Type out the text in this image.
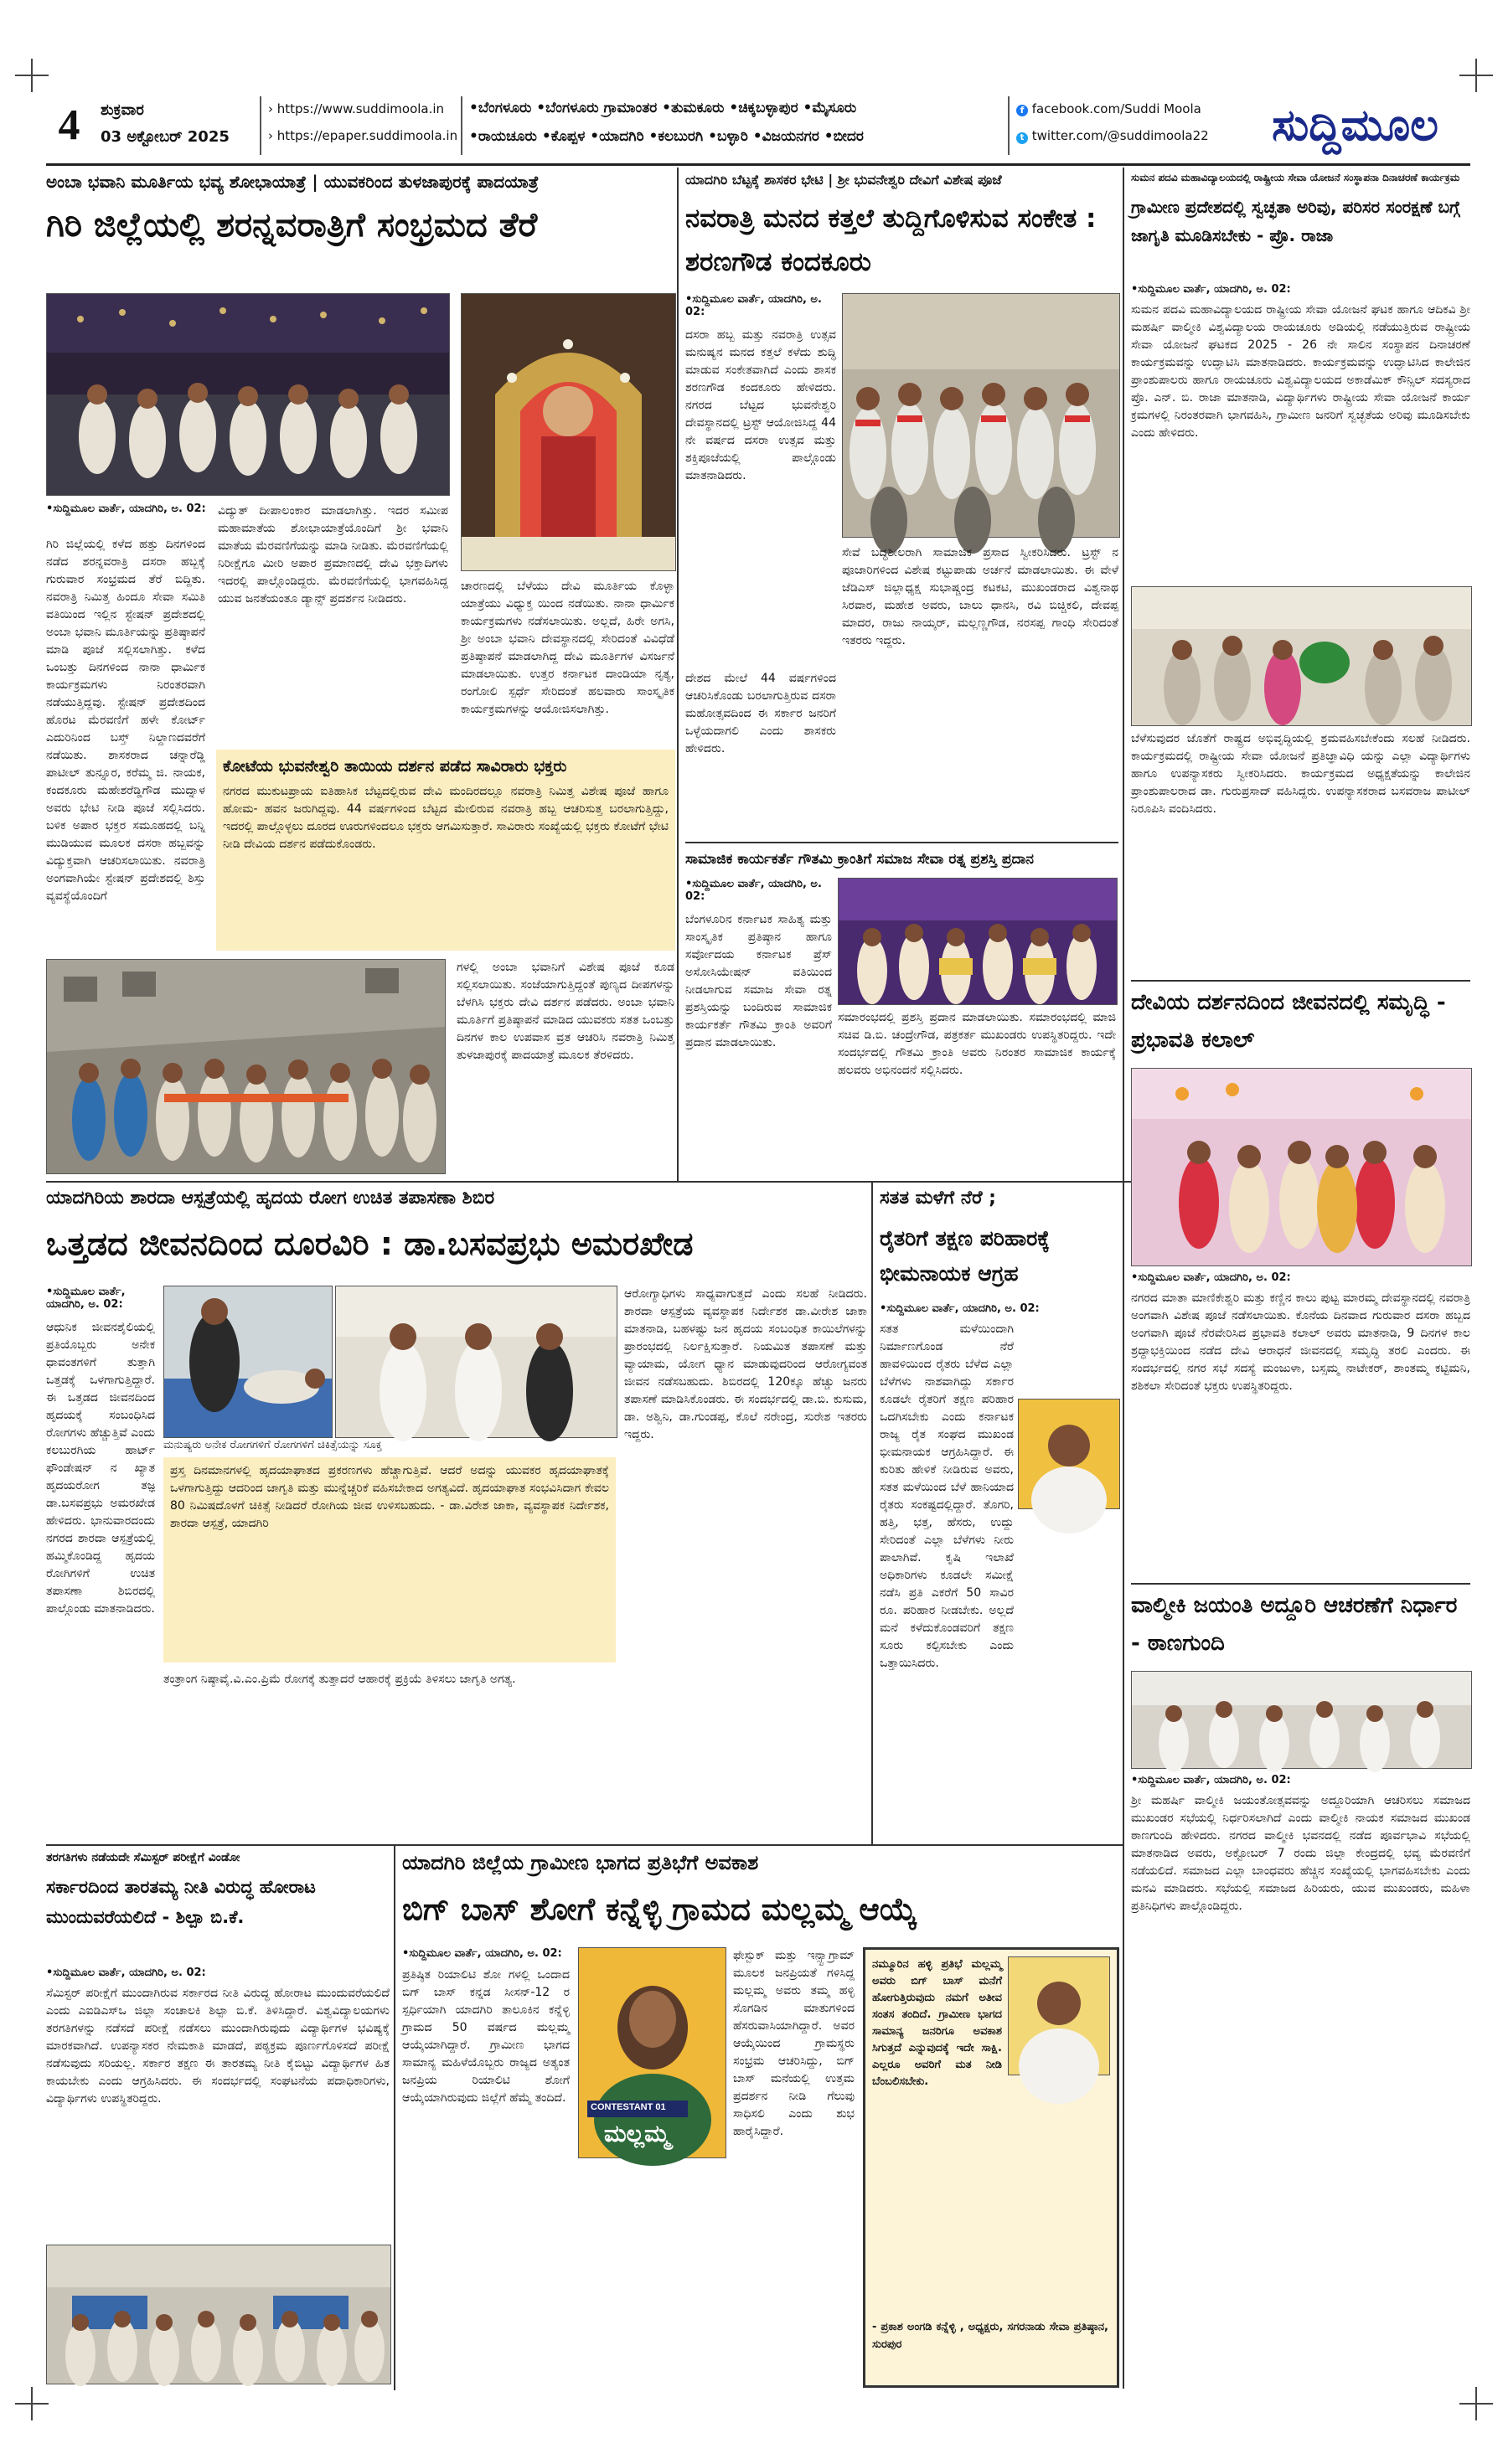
4	ಶುಕ್ರವಾರ
03 ಅಕ್ಟೋಬರ್ 2025
› https://www.suddimoola.in
› https://epaper.suddimoola.in
•ಬೆಂಗಳೂರು •ಬೆಂಗಳೂರು ಗ್ರಾಮಾಂತರ •ತುಮಕೂರು •ಚಿಕ್ಕಬಳ್ಳಾಪುರ •ಮೈಸೂರು
•ರಾಯಚೂರು •ಕೊಪ್ಪಳ •ಯಾದಗಿರಿ •ಕಲಬುರಗಿ •ಬಳ್ಳಾರಿ •ವಿಜಯನಗರ •ಬೀದರ
f facebook.com/Suddi Moola
t twitter.com/@suddimoola22	ಸುದ್ದಿಮೂಲ
ಅಂಬಾ ಭವಾನಿ ಮೂರ್ತಿಯ ಭವ್ಯ ಶೋಭಾಯಾತ್ರೆ | ಯುವಕರಿಂದ ತುಳಜಾಪುರಕ್ಕೆ ಪಾದಯಾತ್ರೆ
ಗಿರಿ ಜಿಲ್ಲೆಯಲ್ಲಿ ಶರನ್ನವರಾತ್ರಿಗೆ ಸಂಭ್ರಮದ ತೆರೆ
•ಸುದ್ದಿಮೂಲ ವಾರ್ತೆ, ಯಾದಗಿರಿ, ಅ. 02:
ಗಿರಿ ಜಿಲ್ಲೆಯಲ್ಲಿ ಕಳೆದ ಹತ್ತು ದಿನಗಳಿಂದ ನಡೆದ ಶರನ್ನವರಾತ್ರಿ ದಸರಾ ಹಬ್ಬಕ್ಕೆ ಗುರುವಾರ ಸಂಭ್ರಮದ ತೆರೆ ಬಿದ್ದಿತು. ನವರಾತ್ರಿ ನಿಮಿತ್ತ ಹಿಂದೂ ಸೇವಾ ಸಮಿತಿ ವತಿಯಿಂದ ಇಲ್ಲಿನ ಸ್ಟೇಷನ್ ಪ್ರದೇಶದಲ್ಲಿ ಅಂಬಾ ಭವಾನಿ ಮೂರ್ತಿಯನ್ನು ಪ್ರತಿಷ್ಠಾಪನೆ ಮಾಡಿ ಪೂಜೆ ಸಲ್ಲಿಸಲಾಗಿತ್ತು. ಕಳೆದ ಒಂಬತ್ತು ದಿನಗಳಿಂದ ನಾನಾ ಧಾರ್ಮಿಕ ಕಾರ್ಯಕ್ರಮಗಳು ನಿರಂತರವಾಗಿ ನಡೆಯುತ್ತಿದ್ದವು. ಸ್ಟೇಷನ್ ಪ್ರದೇಶದಿಂದ ಹೊರಟ ಮೆರವಣಿಗೆ ಹಳೇ ಕೋರ್ಟ್ ಎದುರಿನಿಂದ ಬಸ್ತ್ ನಿಲ್ದಾಣದವರೆಗೆ ನಡೆಯಿತು. ಶಾಸಕರಾದ ಚನ್ನಾರೆಡ್ಡಿ ಪಾಟೀಲ್ ತುನ್ನೂರ, ಕರೆಮ್ಮ ಜಿ. ನಾಯಕ, ಕಂದಕೂರು ಮಹೇಶರೆಡ್ಡಿಗೌಡ ಮುದ್ನಾಳ ಅವರು ಭೇಟಿ ನೀಡಿ ಪೂಜೆ ಸಲ್ಲಿಸಿದರು. ಬಳಿಕ ಅಪಾರ ಭಕ್ತರ ಸಮೂಹದಲ್ಲಿ ಬನ್ನಿ ಮುಡಿಯುವ ಮೂಲಕ ದಸರಾ ಹಬ್ಬವನ್ನು ವಿದ್ಯುಕ್ತವಾಗಿ ಆಚರಿಸಲಾಯಿತು. ನವರಾತ್ರಿ ಅಂಗವಾಗಿಯೇ ಸ್ಟೇಷನ್ ಪ್ರದೇಶದಲ್ಲಿ ಶಿಸ್ತು ವ್ಯವಸ್ಥೆಯೊಂದಿಗೆ
ವಿದ್ಯುತ್ ದೀಪಾಲಂಕಾರ ಮಾಡಲಾಗಿತ್ತು. ಇದರ ಸಮೀಪ ಮಹಾಮಾತೆಯ ಶೋಭಾಯಾತ್ರೆಯೊಂದಿಗೆ ಶ್ರೀ ಭವಾನಿ ಮಾತೆಯ ಮೆರವಣಿಗೆಯನ್ನು ಮಾಡಿ ನೀಡಿತು. ಮೆರವಣಿಗೆಯಲ್ಲಿ ನಿರೀಕ್ಷೆಗೂ ಮೀರಿ ಅಪಾರ ಪ್ರಮಾಣದಲ್ಲಿ ದೇವಿ ಭಕ್ತಾದಿಗಳು ಇದರಲ್ಲಿ ಪಾಲ್ಗೊಂಡಿದ್ದರು. ಮೆರವಣಿಗೆಯಲ್ಲಿ ಭಾಗವಹಿಸಿದ್ದ ಯುವ ಜನತೆಯಂತೂ ಡ್ಯಾನ್ಸ್ ಪ್ರದರ್ಶನ ನೀಡಿದರು.
ಚಾರಣದಲ್ಲಿ ಬೆಳೆಯು ದೇವಿ ಮೂರ್ತಿಯ ಕೊಳ್ಳಾ ಯಾತ್ರೆಯು ವಿಧ್ಯುಕ್ತ ಯಿಂದ ನಡೆಯಿತು. ನಾನಾ ಧಾರ್ಮಿಕ ಕಾರ್ಯಕ್ರಮಗಳು ನಡೆಸಲಾಯಿತು. ಅಲ್ಲದೆ, ಹಿರೇ ಅಗಸಿ, ಶ್ರೀ ಅಂಬಾ ಭವಾನಿ ದೇವಸ್ಥಾನದಲ್ಲಿ ಸೇರಿದಂತೆ ವಿವಿಧೆಡೆ ಪ್ರತಿಷ್ಠಾಪನೆ ಮಾಡಲಾಗಿದ್ದ ದೇವಿ ಮೂರ್ತಿಗಳ ವಿಸರ್ಜನೆ ಮಾಡಲಾಯಿತು. ಉತ್ತರ ಕರ್ನಾಟಕ ದಾಂಡಿಯಾ ನೃತ್ಯ, ರಂಗೋಲಿ ಸ್ಪರ್ಧೆ ಸೇರಿದಂತೆ ಹಲವಾರು ಸಾಂಸ್ಕೃತಿಕ ಕಾರ್ಯಕ್ರಮಗಳನ್ನು ಆಯೋಜಿಸಲಾಗಿತ್ತು.
ಕೋಟೆಯ ಭುವನೇಶ್ವರಿ ತಾಯಿಯ ದರ್ಶನ ಪಡೆದ ಸಾವಿರಾರು ಭಕ್ತರು
ನಗರದ ಮುಕುಟಪ್ರಾಯ ಐತಿಹಾಸಿಕ ಬೆಟ್ಟದಲ್ಲಿರುವ ದೇವಿ ಮಂದಿರದಲ್ಲೂ ನವರಾತ್ರಿ ನಿಮಿತ್ತ ವಿಶೇಷ ಪೂಜೆ ಹಾಗೂ ಹೋಮ- ಹವನ ಜರುಗಿದ್ದವು. 44 ವರ್ಷಗಳಿಂದ ಬೆಟ್ಟದ ಮೇಲಿರುವ ನವರಾತ್ರಿ ಹಬ್ಬ ಆಚರಿಸುತ್ತ ಬರಲಾಗುತ್ತಿದ್ದು, ಇದರಲ್ಲಿ ಪಾಲ್ಗೊಳ್ಳಲು ದೂರದ ಊರುಗಳಿಂದಲೂ ಭಕ್ತರು ಆಗಮಿಸುತ್ತಾರೆ. ಸಾವಿರಾರು ಸಂಖ್ಯೆಯಲ್ಲಿ ಭಕ್ತರು ಕೋಟೆಗೆ ಭೇಟಿ ನೀಡಿ ದೇವಿಯ ದರ್ಶನ ಪಡೆದುಕೊಂಡರು.
ಗಳಲ್ಲಿ ಅಂಬಾ ಭವಾನಿಗೆ ವಿಶೇಷ ಪೂಜೆ ಕೂಡ ಸಲ್ಲಿಸಲಾಯಿತು. ಸಂಜೆಯಾಗುತ್ತಿದ್ದಂತೆ ಪುಣ್ಯದ ದೀಪಗಳನ್ನು ಬೆಳಗಿಸಿ ಭಕ್ತರು ದೇವಿ ದರ್ಶನ ಪಡೆದರು. ಅಂಬಾ ಭವಾನಿ ಮೂರ್ತಿಗೆ ಪ್ರತಿಷ್ಠಾಪನೆ ಮಾಡಿದ ಯುವಕರು ಸತತ ಒಂಬತ್ತು ದಿನಗಳ ಕಾಲ ಉಪವಾಸ ವ್ರತ ಆಚರಿಸಿ ನವರಾತ್ರಿ ನಿಮಿತ್ತ ತುಳಜಾಪುರಕ್ಕೆ ಪಾದಯಾತ್ರೆ ಮೂಲಕ ತೆರಳಿದರು.
ಯಾದಗಿರಿ ಬೆಟ್ಟಕ್ಕೆ ಶಾಸಕರ ಭೇಟಿ | ಶ್ರೀ ಭುವನೇಶ್ವರಿ ದೇವಿಗೆ ವಿಶೇಷ ಪೂಜೆ
ನವರಾತ್ರಿ ಮನದ ಕತ್ತಲೆ ತುದ್ದಿಗೊಳಿಸುವ ಸಂಕೇತ : ಶರಣಗೌಡ ಕಂದಕೂರು
•ಸುದ್ದಿಮೂಲ ವಾರ್ತೆ, ಯಾದಗಿರಿ, ಅ. 02:
ದಸರಾ ಹಬ್ಬ ಮತ್ತು ನವರಾತ್ರಿ ಉತ್ಸವ ಮನುಷ್ಯನ ಮನದ ಕತ್ತಲೆ ಕಳೆದು ಶುದ್ಧಿ ಮಾಡುವ ಸಂಕೇತವಾಗಿದೆ ಎಂದು ಶಾಸಕ ಶರಣಗೌಡ ಕಂದಕೂರು ಹೇಳಿದರು. ನಗರದ ಬೆಟ್ಟದ ಭುವನೇಶ್ವರಿ ದೇವಸ್ಥಾನದಲ್ಲಿ ಟ್ರಸ್ಟ್ ಆಯೋಜಿಸಿದ್ದ 44 ನೇ ವರ್ಷದ ದಸರಾ ಉತ್ಸವ ಮತ್ತು ಶಕ್ತಿಪೂಜೆಯಲ್ಲಿ ಪಾಲ್ಗೊಂಡು ಮಾತನಾಡಿದರು.
ಸೇವೆ ಬದ್ಧಶೀಲರಾಗಿ ಸಾಮಾಜಿಕ ಪ್ರಸಾದ ಸ್ವೀಕರಿಸಿದರು. ಟ್ರಸ್ಟ್ ನ ಪೂಜಾರಿಗಳಿಂದ ವಿಶೇಷ ಕಟ್ಟುಪಾಡು ಅರ್ಚನೆ ಮಾಡಲಾಯಿತು. ಈ ವೇಳೆ ಜೆಡಿಎಸ್ ಜಿಲ್ಲಾಧ್ಯಕ್ಷ ಸುಭಾಷ್ಚಂದ್ರ ಕಟಕಟಿ, ಮುಖಂಡರಾದ ವಿಶ್ವನಾಥ ಸಿರವಾರ, ಮಹೇಶ ಅವರು, ಬಾಲು ಧಾನಸಿ, ರವಿ ಬಿಚ್ಚಿಕಲಿ, ದೇವಪ್ಪ ಮಾದರ, ರಾಜು ನಾಯ್ಕರ್, ಮಲ್ಲಣ್ಣಗೌಡ, ನರಸಪ್ಪ ಗಾಂಧಿ ಸೇರಿದಂತೆ ಇತರರು ಇದ್ದರು.
ದೇಶದ ಮೇಲೆ 44 ವರ್ಷಗಳಿಂದ ಆಚರಿಸಿಕೊಂಡು ಬರಲಾಗುತ್ತಿರುವ ದಸರಾ ಮಹೋತ್ಸವದಿಂದ ಈ ಸರ್ಕಾರ ಜನರಿಗೆ ಒಳ್ಳೆಯದಾಗಲಿ ಎಂದು ಶಾಸಕರು ಹೇಳಿದರು.
ಸಾಮಾಜಿಕ ಕಾರ್ಯಕರ್ತೆ ಗೌತಮಿ ಕ್ರಾಂತಿಗೆ ಸಮಾಜ ಸೇವಾ ರತ್ನ ಪ್ರಶಸ್ತಿ ಪ್ರದಾನ
•ಸುದ್ದಿಮೂಲ ವಾರ್ತೆ, ಯಾದಗಿರಿ, ಅ. 02:
ಬೆಂಗಳೂರಿನ ಕರ್ನಾಟಕ ಸಾಹಿತ್ಯ ಮತ್ತು ಸಾಂಸ್ಕೃತಿಕ ಪ್ರತಿಷ್ಠಾನ ಹಾಗೂ ಸರ್ವೋದಯ ಕರ್ನಾಟಕ ಪ್ರೆಸ್ ಅಸೋಸಿಯೇಷನ್ ವತಿಯಿಂದ ನೀಡಲಾಗುವ ಸಮಾಜ ಸೇವಾ ರತ್ನ ಪ್ರಶಸ್ತಿಯನ್ನು ಬಂದಿರುವ ಸಾಮಾಜಿಕ ಕಾರ್ಯಕರ್ತೆ ಗೌತಮಿ ಕ್ರಾಂತಿ ಅವರಿಗೆ ಪ್ರದಾನ ಮಾಡಲಾಯಿತು.
ಸಮಾರಂಭದಲ್ಲಿ ಪ್ರಶಸ್ತಿ ಪ್ರದಾನ ಮಾಡಲಾಯಿತು. ಸಮಾರಂಭದಲ್ಲಿ ಮಾಜಿ ಸಚಿವ ಡಿ.ಬಿ. ಚಂದ್ರೇಗೌಡ, ಪತ್ರಕರ್ತ ಮುಖಂಡರು ಉಪಸ್ಥಿತರಿದ್ದರು. ಇದೇ ಸಂದರ್ಭದಲ್ಲಿ ಗೌತಮಿ ಕ್ರಾಂತಿ ಅವರು ನಿರಂತರ ಸಾಮಾಜಿಕ ಕಾರ್ಯಕ್ಕೆ ಹಲವರು ಅಭಿನಂದನೆ ಸಲ್ಲಿಸಿದರು.
ಸುಮನ ಪದವಿ ಮಹಾವಿದ್ಯಾಲಯದಲ್ಲಿ ರಾಷ್ಟ್ರೀಯ ಸೇವಾ ಯೋಜನೆ ಸಂಸ್ಥಾಪನಾ ದಿನಾಚರಣೆ ಕಾರ್ಯಕ್ರಮ
ಗ್ರಾಮೀಣ ಪ್ರದೇಶದಲ್ಲಿ ಸ್ವಚ್ಛತಾ ಅರಿವು, ಪರಿಸರ ಸಂರಕ್ಷಣೆ ಬಗ್ಗೆ ಜಾಗೃತಿ ಮೂಡಿಸಬೇಕು - ಪ್ರೊ. ರಾಜಾ
•ಸುದ್ದಿಮೂಲ ವಾರ್ತೆ, ಯಾದಗಿರಿ, ಅ. 02:
ಸುಮನ ಪದವಿ ಮಹಾವಿದ್ಯಾಲಯದ ರಾಷ್ಟ್ರೀಯ ಸೇವಾ ಯೋಜನೆ ಘಟಕ ಹಾಗೂ ಆದಿಕವಿ ಶ್ರೀ ಮಹರ್ಷಿ ವಾಲ್ಮೀಕಿ ವಿಶ್ವವಿದ್ಯಾಲಯ ರಾಯಚೂರು ಅಡಿಯಲ್ಲಿ ನಡೆಯುತ್ತಿರುವ ರಾಷ್ಟ್ರೀಯ ಸೇವಾ ಯೋಜನೆ ಘಟಕದ 2025 - 26 ನೇ ಸಾಲಿನ ಸಂಸ್ಥಾಪನ ದಿನಾಚರಣೆ ಕಾರ್ಯಕ್ರಮವನ್ನು ಉದ್ಘಾಟಿಸಿ ಮಾತನಾಡಿದರು. ಕಾರ್ಯಕ್ರಮವನ್ನು ಉದ್ಘಾಟಿಸಿದ ಕಾಲೇಜಿನ ಪ್ರಾಂಶುಪಾಲರು ಹಾಗೂ ರಾಯಚೂರು ವಿಶ್ವವಿದ್ಯಾಲಯದ ಅಕಾಡೆಮಿಕ್ ಕೌನ್ಸಿಲ್ ಸದಸ್ಯರಾದ ಪ್ರೊ. ಎನ್. ಬಿ. ರಾಜಾ ಮಾತನಾಡಿ, ವಿದ್ಯಾರ್ಥಿಗಳು ರಾಷ್ಟ್ರೀಯ ಸೇವಾ ಯೋಜನೆ ಕಾರ್ಯ ಕ್ರಮಗಳಲ್ಲಿ ನಿರಂತರವಾಗಿ ಭಾಗವಹಿಸಿ, ಗ್ರಾಮೀಣ ಜನರಿಗೆ ಸ್ವಚ್ಛತೆಯ ಅರಿವು ಮೂಡಿಸಬೇಕು ಎಂದು ಹೇಳಿದರು.
ಬೆಳೆಸುವುದರ ಜೊತೆಗೆ ರಾಷ್ಟ್ರದ ಅಭಿವೃದ್ಧಿಯಲ್ಲಿ ಶ್ರಮವಹಿಸಬೇಕೆಂದು ಸಲಹೆ ನೀಡಿದರು. ಕಾರ್ಯಕ್ರಮದಲ್ಲಿ ರಾಷ್ಟ್ರೀಯ ಸೇವಾ ಯೋಜನೆ ಪ್ರತಿಜ್ಞಾವಿಧಿ ಯನ್ನು ಎಲ್ಲಾ ವಿದ್ಯಾರ್ಥಿಗಳು ಹಾಗೂ ಉಪನ್ಯಾಸಕರು ಸ್ವೀಕರಿಸಿದರು. ಕಾರ್ಯಕ್ರಮದ ಅಧ್ಯಕ್ಷತೆಯನ್ನು ಕಾಲೇಜಿನ ಪ್ರಾಂಶುಪಾಲರಾದ ಡಾ. ಗುರುಪ್ರಸಾದ್ ವಹಿಸಿದ್ದರು. ಉಪನ್ಯಾಸಕರಾದ ಬಸವರಾಜ ಪಾಟೀಲ್ ನಿರೂಪಿಸಿ ವಂದಿಸಿದರು.
ದೇವಿಯ ದರ್ಶನದಿಂದ ಜೀವನದಲ್ಲಿ ಸಮೃದ್ಧಿ - ಪ್ರಭಾವತಿ ಕಲಾಲ್
•ಸುದ್ದಿಮೂಲ ವಾರ್ತೆ, ಯಾದಗಿರಿ, ಅ. 02:
ನಗರದ ಮಾತಾ ಮಾಣಿಕೇಶ್ವರಿ ಮತ್ತು ಕಣ್ಣಿನ ಕಾಲು ಪುಟ್ಟ ಮಾರಮ್ಮ ದೇವಸ್ಥಾನದಲ್ಲಿ ನವರಾತ್ರಿ ಅಂಗವಾಗಿ ವಿಶೇಷ ಪೂಜೆ ನಡೆಸಲಾಯಿತು. ಕೊನೆಯ ದಿನವಾದ ಗುರುವಾರ ದಸರಾ ಹಬ್ಬದ ಅಂಗವಾಗಿ ಪೂಜೆ ನೆರವೇರಿಸಿದ ಪ್ರಭಾವತಿ ಕಲಾಲ್ ಅವರು ಮಾತನಾಡಿ, 9 ದಿನಗಳ ಕಾಲ ಶ್ರದ್ಧಾಭಕ್ತಿಯಿಂದ ನಡೆದ ದೇವಿ ಆರಾಧನೆ ಜೀವನದಲ್ಲಿ ಸಮೃದ್ಧಿ ತರಲಿ ಎಂದರು. ಈ ಸಂದರ್ಭದಲ್ಲಿ ನಗರ ಸಭೆ ಸದಸ್ಯೆ ಮಂಜುಳಾ, ಬಸ್ಸಮ್ಮ ನಾಟೇಕರ್, ಶಾಂತಮ್ಮ ಕಟ್ಟಿಮನಿ, ಶಶಿಕಲಾ ಸೇರಿದಂತೆ ಭಕ್ತರು ಉಪಸ್ಥಿತರಿದ್ದರು.
ವಾಲ್ಮೀಕಿ ಜಯಂತಿ ಅದ್ದೂರಿ ಆಚರಣೆಗೆ ನಿರ್ಧಾರ - ಠಾಣಗುಂದಿ
•ಸುದ್ದಿಮೂಲ ವಾರ್ತೆ, ಯಾದಗಿರಿ, ಅ. 02:
ಶ್ರೀ ಮಹರ್ಷಿ ವಾಲ್ಮೀಕಿ ಜಯಂತೋತ್ಸವವನ್ನು ಅದ್ದೂರಿಯಾಗಿ ಆಚರಿಸಲು ಸಮಾಜದ ಮುಖಂಡರ ಸಭೆಯಲ್ಲಿ ನಿರ್ಧರಿಸಲಾಗಿದೆ ಎಂದು ವಾಲ್ಮೀಕಿ ನಾಯಕ ಸಮಾಜದ ಮುಖಂಡ ಠಾಣಗುಂದಿ ಹೇಳಿದರು. ನಗರದ ವಾಲ್ಮೀಕಿ ಭವನದಲ್ಲಿ ನಡೆದ ಪೂರ್ವಭಾವಿ ಸಭೆಯಲ್ಲಿ ಮಾತನಾಡಿದ ಅವರು, ಅಕ್ಟೋಬರ್ 7 ರಂದು ಜಿಲ್ಲಾ ಕೇಂದ್ರದಲ್ಲಿ ಭವ್ಯ ಮೆರವಣಿಗೆ ನಡೆಯಲಿದೆ. ಸಮಾಜದ ಎಲ್ಲಾ ಬಾಂಧವರು ಹೆಚ್ಚಿನ ಸಂಖ್ಯೆಯಲ್ಲಿ ಭಾಗವಹಿಸಬೇಕು ಎಂದು ಮನವಿ ಮಾಡಿದರು. ಸಭೆಯಲ್ಲಿ ಸಮಾಜದ ಹಿರಿಯರು, ಯುವ ಮುಖಂಡರು, ಮಹಿಳಾ ಪ್ರತಿನಿಧಿಗಳು ಪಾಲ್ಗೊಂಡಿದ್ದರು.
ಯಾದಗಿರಿಯ ಶಾರದಾ ಆಸ್ಪತ್ರೆಯಲ್ಲಿ ಹೃದಯ ರೋಗ ಉಚಿತ ತಪಾಸಣಾ ಶಿಬಿರ
ಒತ್ತಡದ ಜೀವನದಿಂದ ದೂರವಿರಿ : ಡಾ.ಬಸವಪ್ರಭು ಅಮರಖೇಡ
•ಸುದ್ದಿಮೂಲ ವಾರ್ತೆ, ಯಾದಗಿರಿ, ಅ. 02:
ಆಧುನಿಕ ಜೀವನಶೈಲಿಯಲ್ಲಿ ಪ್ರತಿಯೊಬ್ಬರು ಅನೇಕ ಧಾವಂತಗಳಿಗೆ ತುತ್ತಾಗಿ ಒತ್ತಡಕ್ಕೆ ಒಳಗಾಗುತ್ತಿದ್ದಾರೆ. ಈ ಒತ್ತಡದ ಜೀವನದಿಂದ ಹೃದಯಕ್ಕೆ ಸಂಬಂಧಿಸಿದ ರೋಗಗಳು ಹೆಚ್ಚುತ್ತಿವೆ ಎಂದು ಕಲಬುರಗಿಯ ಹಾರ್ಟ್ ಫೌಂಡೇಷನ್ ನ ಖ್ಯಾತ ಹೃದಯರೋಗ ತಜ್ಞ ಡಾ.ಬಸವಪ್ರಭು ಅಮರಖೇಡ ಹೇಳಿದರು. ಭಾನುವಾರದಂದು ನಗರದ ಶಾರದಾ ಆಸ್ಪತ್ರೆಯಲ್ಲಿ ಹಮ್ಮಿಕೊಂಡಿದ್ದ ಹೃದಯ ರೋಗಿಗಳಿಗೆ ಉಚಿತ ತಪಾಸಣಾ ಶಿಬಿರದಲ್ಲಿ ಪಾಲ್ಗೊಂಡು ಮಾತನಾಡಿದರು.
ಮನುಷ್ಯರು ಅನೇಕ ರೋಗಗಳಿಗೆ ರೋಗಗಳಿಗೆ ಚಿಕಿತ್ಸೆಯನ್ನು ಸೂಕ್ತ
ಪ್ರಸ್ತ ದಿನಮಾನಗಳಲ್ಲಿ ಹೃದಯಾಘಾತದ ಪ್ರಕರಣಗಳು ಹೆಚ್ಚಾಗುತ್ತಿವೆ. ಆದರೆ ಅದನ್ನು ಯುವಕರ ಹೃದಯಾಘಾತಕ್ಕೆ ಒಳಗಾಗುತ್ತಿದ್ದು ಆದರಿಂದ ಜಾಗೃತಿ ಮತ್ತು ಮುನ್ನೆಚ್ಚರಿಕೆ ವಹಿಸಬೇಕಾದ ಅಗತ್ಯವಿದೆ. ಹೃದಯಾಘಾತ ಸಂಭವಿಸಿದಾಗ ಕೇವಲ 80 ನಿಮಿಷದೊಳಗೆ ಚಿಕಿತ್ಸೆ ನೀಡಿದರೆ ರೋಗಿಯ ಜೀವ ಉಳಿಸಬಹುದು. - ಡಾ.ವಿರೇಶ ಜಾಕಾ, ವ್ಯವಸ್ಥಾಪಕ ನಿರ್ದೇಶಕ, ಶಾರದಾ ಆಸ್ಪತ್ರೆ, ಯಾದಗಿರಿ
ತಂತ್ರಾಂಗ ನಿಷ್ಠಾವೈ.ವಿ.ಎಂ.ಪ್ರಿಮೆ ರೋಗಕ್ಕೆ ತುತ್ತಾದರೆ ಆಹಾರಕ್ಕೆ ಪ್ರಕ್ರಿಯೆ ತಿಳಿಸಲು ಜಾಗೃತಿ ಅಗತ್ಯ.
ಆರೋಗ್ಯಾಧಿಗಳು ಸಾಧ್ಯವಾಗುತ್ತದೆ ಎಂದು ಸಲಹೆ ನೀಡಿದರು. ಶಾರದಾ ಆಸ್ಪತ್ರೆಯ ವ್ಯವಸ್ಥಾಪಕ ನಿರ್ದೇಶಕ ಡಾ.ವೀರೇಶ ಜಾಕಾ ಮಾತನಾಡಿ, ಬಹಳಷ್ಟು ಜನ ಹೃದಯ ಸಂಬಂಧಿತ ಕಾಯಿಲೆಗಳನ್ನು ಪ್ರಾರಂಭದಲ್ಲಿ ನಿರ್ಲಕ್ಷಿಸುತ್ತಾರೆ. ನಿಯಮಿತ ತಪಾಸಣೆ ಮತ್ತು ವ್ಯಾಯಾಮ, ಯೋಗ ಧ್ಯಾನ ಮಾಡುವುದರಿಂದ ಆರೋಗ್ಯವಂತ ಜೀವನ ನಡೆಸಬಹುದು. ಶಿಬಿರದಲ್ಲಿ 120ಕ್ಕೂ ಹೆಚ್ಚು ಜನರು ತಪಾಸಣೆ ಮಾಡಿಸಿಕೊಂಡರು. ಈ ಸಂದರ್ಭದಲ್ಲಿ ಡಾ.ಬಿ. ಕುಸುಮ, ಡಾ. ಅಶ್ವಿನಿ, ಡಾ.ಗುಂಡಪ್ಪ, ಕೊಲೆ ನರೇಂದ್ರ, ಸುರೇಶ ಇತರರು ಇದ್ದರು.
ಸತತ ಮಳೆಗೆ ನೆರೆ ;
ರೈತರಿಗೆ ತಕ್ಷಣ ಪರಿಹಾರಕ್ಕೆ ಭೀಮನಾಯಕ ಆಗ್ರಹ
•ಸುದ್ದಿಮೂಲ ವಾರ್ತೆ, ಯಾದಗಿರಿ, ಅ. 02:
ಸತತ ಮಳೆಯಿಂದಾಗಿ ನಿರ್ಮಾಣಗೊಂಡ ನೆರೆ ಹಾವಳಿಯಿಂದ ರೈತರು ಬೆಳೆದ ಎಲ್ಲಾ ಬೆಳೆಗಳು ನಾಶವಾಗಿದ್ದು ಸರ್ಕಾರ ಕೂಡಲೇ ರೈತರಿಗೆ ತಕ್ಷಣ ಪರಿಹಾರ ಒದಗಿಸಬೇಕು ಎಂದು ಕರ್ನಾಟಕ ರಾಜ್ಯ ರೈತ ಸಂಘದ ಮುಖಂಡ ಭೀಮನಾಯಕ ಆಗ್ರಹಿಸಿದ್ದಾರೆ. ಈ ಕುರಿತು ಹೇಳಿಕೆ ನೀಡಿರುವ ಅವರು, ಸತತ ಮಳೆಯಿಂದ ಬೆಳೆ ಹಾನಿಯಾದ ರೈತರು ಸಂಕಷ್ಟದಲ್ಲಿದ್ದಾರೆ. ತೊಗರಿ, ಹತ್ತಿ, ಭತ್ತ, ಹೆಸರು, ಉದ್ದು ಸೇರಿದಂತೆ ಎಲ್ಲಾ ಬೆಳೆಗಳು ನೀರು ಪಾಲಾಗಿವೆ. ಕೃಷಿ ಇಲಾಖೆ ಅಧಿಕಾರಿಗಳು ಕೂಡಲೇ ಸಮೀಕ್ಷೆ ನಡೆಸಿ ಪ್ರತಿ ಎಕರೆಗೆ 50 ಸಾವಿರ ರೂ. ಪರಿಹಾರ ನೀಡಬೇಕು. ಅಲ್ಲದೆ ಮನೆ ಕಳೆದುಕೊಂಡವರಿಗೆ ತಕ್ಷಣ ಸೂರು ಕಲ್ಪಿಸಬೇಕು ಎಂದು ಒತ್ತಾಯಿಸಿದರು.
ತರಗತಿಗಳು ನಡೆಯದೇ ಸೆಮಿಸ್ಟರ್ ಪರೀಕ್ಷೆಗೆ ವಿಂಡೋ
ಸರ್ಕಾರದಿಂದ ತಾರತಮ್ಯ ನೀತಿ ವಿರುದ್ಧ ಹೋರಾಟ ಮುಂದುವರೆಯಲಿದೆ - ಶಿಲ್ಪಾ ಬಿ.ಕೆ.
•ಸುದ್ದಿಮೂಲ ವಾರ್ತೆ, ಯಾದಗಿರಿ, ಅ. 02:
ಸೆಮಿಸ್ಟರ್ ಪರೀಕ್ಷೆಗೆ ಮುಂದಾಗಿರುವ ಸರ್ಕಾರದ ನೀತಿ ವಿರುದ್ಧ ಹೋರಾಟ ಮುಂದುವರೆಯಲಿದೆ ಎಂದು ಎಐಡಿಎಸ್ಒ ಜಿಲ್ಲಾ ಸಂಚಾಲಕಿ ಶಿಲ್ಪಾ ಬಿ.ಕೆ. ತಿಳಿಸಿದ್ದಾರೆ. ವಿಶ್ವವಿದ್ಯಾಲಯಗಳು ತರಗತಿಗಳನ್ನು ನಡೆಸದೆ ಪರೀಕ್ಷೆ ನಡೆಸಲು ಮುಂದಾಗಿರುವುದು ವಿದ್ಯಾರ್ಥಿಗಳ ಭವಿಷ್ಯಕ್ಕೆ ಮಾರಕವಾಗಿದೆ. ಉಪನ್ಯಾಸಕರ ನೇಮಕಾತಿ ಮಾಡದೆ, ಪಠ್ಯಕ್ರಮ ಪೂರ್ಣಗೊಳಿಸದೆ ಪರೀಕ್ಷೆ ನಡೆಸುವುದು ಸರಿಯಲ್ಲ. ಸರ್ಕಾರ ತಕ್ಷಣ ಈ ತಾರತಮ್ಯ ನೀತಿ ಕೈಬಿಟ್ಟು ವಿದ್ಯಾರ್ಥಿಗಳ ಹಿತ ಕಾಯಬೇಕು ಎಂದು ಆಗ್ರಹಿಸಿದರು. ಈ ಸಂದರ್ಭದಲ್ಲಿ ಸಂಘಟನೆಯ ಪದಾಧಿಕಾರಿಗಳು, ವಿದ್ಯಾರ್ಥಿಗಳು ಉಪಸ್ಥಿತರಿದ್ದರು.
ಯಾದಗಿರಿ ಜಿಲ್ಲೆಯ ಗ್ರಾಮೀಣ ಭಾಗದ ಪ್ರತಿಭೆಗೆ ಅವಕಾಶ
ಬಿಗ್ ಬಾಸ್ ಶೋಗೆ ಕನ್ನೆಳ್ಳಿ ಗ್ರಾಮದ ಮಲ್ಲಮ್ಮ ಆಯ್ಕೆ
•ಸುದ್ದಿಮೂಲ ವಾರ್ತೆ, ಯಾದಗಿರಿ, ಅ. 02:
ಪ್ರತಿಷ್ಠಿತ ರಿಯಾಲಿಟಿ ಶೋ ಗಳಲ್ಲಿ ಒಂದಾದ ಬಿಗ್ ಬಾಸ್ ಕನ್ನಡ ಸೀಸನ್-12 ರ ಸ್ಪರ್ಧಿಯಾಗಿ ಯಾದಗಿರಿ ತಾಲೂಕಿನ ಕನ್ನೆಳ್ಳಿ ಗ್ರಾಮದ 50 ವರ್ಷದ ಮಲ್ಲಮ್ಮ ಆಯ್ಕೆಯಾಗಿದ್ದಾರೆ. ಗ್ರಾಮೀಣ ಭಾಗದ ಸಾಮಾನ್ಯ ಮಹಿಳೆಯೊಬ್ಬರು ರಾಜ್ಯದ ಅತ್ಯಂತ ಜನಪ್ರಿಯ ರಿಯಾಲಿಟಿ ಶೋಗೆ ಆಯ್ಕೆಯಾಗಿರುವುದು ಜಿಲ್ಲೆಗೆ ಹೆಮ್ಮೆ ತಂದಿದೆ.
CONTESTANT 01
ಮಲ್ಲಮ್ಮ
ಫೇಸ್ಬುಕ್ ಮತ್ತು ಇನ್ಸ್ಟಾಗ್ರಾಮ್ ಮೂಲಕ ಜನಪ್ರಿಯತೆ ಗಳಿಸಿದ್ದ ಮಲ್ಲಮ್ಮ ಅವರು ತಮ್ಮ ಹಳ್ಳಿ ಸೊಗಡಿನ ಮಾತುಗಳಿಂದ ಹೆಸರುವಾಸಿಯಾಗಿದ್ದಾರೆ. ಅವರ ಆಯ್ಕೆಯಿಂದ ಗ್ರಾಮಸ್ಥರು ಸಂಭ್ರಮ ಆಚರಿಸಿದ್ದು, ಬಿಗ್ ಬಾಸ್ ಮನೆಯಲ್ಲಿ ಉತ್ತಮ ಪ್ರದರ್ಶನ ನೀಡಿ ಗೆಲುವು ಸಾಧಿಸಲಿ ಎಂದು ಶುಭ ಹಾರೈಸಿದ್ದಾರೆ.
ನಮ್ಮೂರಿನ ಹಳ್ಳಿ ಪ್ರತಿಭೆ ಮಲ್ಲಮ್ಮ ಅವರು ಬಿಗ್ ಬಾಸ್ ಮನೆಗೆ ಹೋಗುತ್ತಿರುವುದು ನಮಗೆ ಅತೀವ ಸಂತಸ ತಂದಿದೆ. ಗ್ರಾಮೀಣ ಭಾಗದ ಸಾಮಾನ್ಯ ಜನರಿಗೂ ಅವಕಾಶ ಸಿಗುತ್ತದೆ ಎನ್ನುವುದಕ್ಕೆ ಇದೇ ಸಾಕ್ಷಿ. ಎಲ್ಲರೂ ಅವರಿಗೆ ಮತ ನೀಡಿ ಬೆಂಬಲಿಸಬೇಕು.
- ಪ್ರಕಾಶ ಅಂಗಡಿ ಕನ್ನೆಳ್ಳಿ , ಅಧ್ಯಕ್ಷರು, ಸಗರನಾಡು ಸೇವಾ ಪ್ರತಿಷ್ಠಾನ, ಸುರಪುರ
